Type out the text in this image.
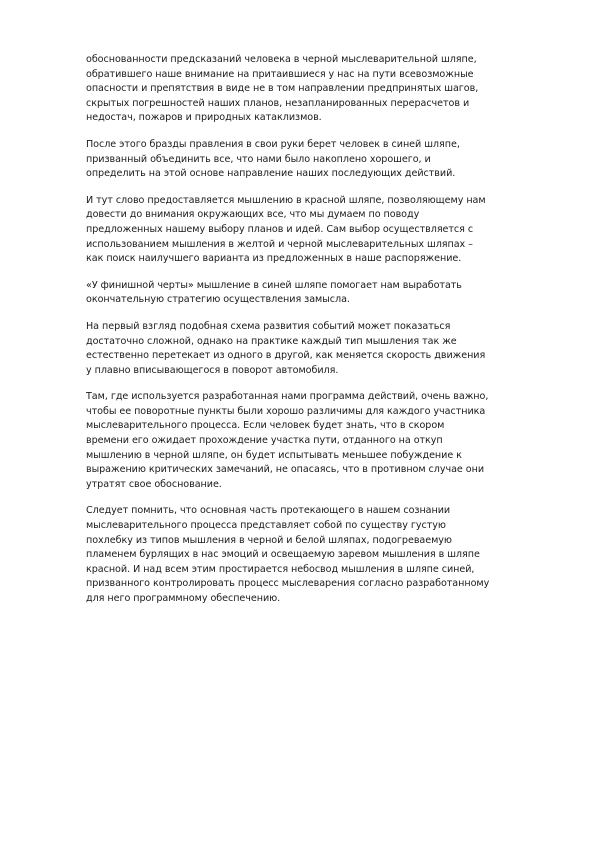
обоснованности предсказаний человека в черной мыслеварительной шляпе,
обратившего наше внимание на притаившиеся у нас на пути всевозможные
опасности и препятствия в виде не в том направлении предпринятых шагов,
скрытых погрешностей наших планов, незапланированных перерасчетов и
недостач, пожаров и природных катаклизмов.
После этого бразды правления в свои руки берет человек в синей шляпе,
призванный объединить все, что нами было накоплено хорошего, и
определить на этой основе направление наших последующих действий.
И тут слово предоставляется мышлению в красной шляпе, позволяющему нам
довести до внимания окружающих все, что мы думаем по поводу
предложенных нашему выбору планов и идей. Сам выбор осуществляется с
использованием мышления в желтой и черной мыслеварительных шляпах –
как поиск наилучшего варианта из предложенных в наше распоряжение.
«У финишной черты» мышление в синей шляпе помогает нам выработать
окончательную стратегию осуществления замысла.
На первый взгляд подобная схема развития событий может показаться
достаточно сложной, однако на практике каждый тип мышления так же
естественно перетекает из одного в другой, как меняется скорость движения
у плавно вписывающегося в поворот автомобиля.
Там, где используется разработанная нами программа действий, очень важно,
чтобы ее поворотные пункты были хорошо различимы для каждого участника
мыслеварительного процесса. Если человек будет знать, что в скором
времени его ожидает прохождение участка пути, отданного на откуп
мышлению в черной шляпе, он будет испытывать меньшее побуждение к
выражению критических замечаний, не опасаясь, что в противном случае они
утратят свое обоснование.
Следует помнить, что основная часть протекающего в нашем сознании
мыслеварительного процесса представляет собой по существу густую
похлебку из типов мышления в черной и белой шляпах, подогреваемую
пламенем бурлящих в нас эмоций и освещаемую заревом мышления в шляпе
красной. И над всем этим простирается небосвод мышления в шляпе синей,
призванного контролировать процесс мыслеварения согласно разработанному
для него программному обеспечению.
